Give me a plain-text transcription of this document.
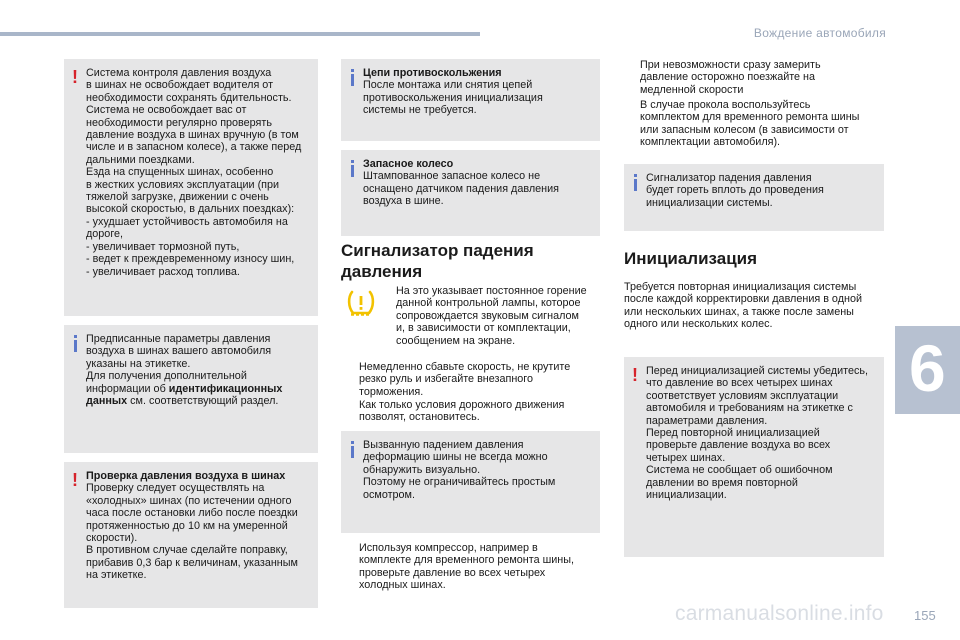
Вождение автомобиля
6
carmanualsonline.info 155
! Система контроля давления воздуха
в шинах не освобождает водителя от
необходимости сохранять бдительность.
Система не освобождает вас от
необходимости регулярно проверять
давление воздуха в шинах вручную (в том
числе и в запасном колесе), а также перед
дальними поездками.
Езда на спущенных шинах, особенно
в жестких условиях эксплуатации (при
тяжелой загрузке, движении с очень
высокой скоростью, в дальних поездках):
- ухудшает устойчивость автомобиля на
дороге,
- увеличивает тормозной путь,
- ведет к преждевременному износу шин,
- увеличивает расход топлива.
Предписанные параметры давления
воздуха в шинах вашего автомобиля
указаны на этикетке.
Для получения дополнительной
информации об идентификационных
данных см. соответствующий раздел.
! Проверка давления воздуха в шинах
Проверку следует осуществлять на
«холодных» шинах (по истечении одного
часа после остановки либо после поездки
протяженностью до 10 км на умеренной
скорости).
В противном случае сделайте поправку,
прибавив 0,3 бар к величинам, указанным
на этикетке.
Цепи противоскольжения
После монтажа или снятия цепей
противоскольжения инициализация
системы не требуется.
Запасное колесо
Штампованное запасное колесо не
оснащено датчиком падения давления
воздуха в шине.
Сигнализатор падения
давления
На это указывает постоянное горение
данной контрольной лампы, которое
сопровождается звуковым сигналом
и, в зависимости от комплектации,
сообщением на экране.
Немедленно сбавьте скорость, не крутите
резко руль и избегайте внезапного
торможения.
Как только условия дорожного движения
позволят, остановитесь.
Вызванную падением давления
деформацию шины не всегда можно
обнаружить визуально.
Поэтому не ограничивайтесь простым
осмотром.
Используя компрессор, например в
комплекте для временного ремонта шины,
проверьте давление во всех четырех
холодных шинах.
При невозможности сразу замерить
давление осторожно поезжайте на
медленной скорости
В случае прокола воспользуйтесь
комплектом для временного ремонта шины
или запасным колесом (в зависимости от
комплектации автомобиля).
Сигнализатор падения давления
будет гореть вплоть до проведения
инициализации системы.
Инициализация
Требуется повторная инициализация системы
после каждой корректировки давления в одной
или нескольких шинах, а также после замены
одного или нескольких колес.
! Перед инициализацией системы убедитесь,
что давление во всех четырех шинах
соответствует условиям эксплуатации
автомобиля и требованиям на этикетке с
параметрами давления.
Перед повторной инициализацией
проверьте давление воздуха во всех
четырех шинах.
Система не сообщает об ошибочном
давлении во время повторной
инициализации.
